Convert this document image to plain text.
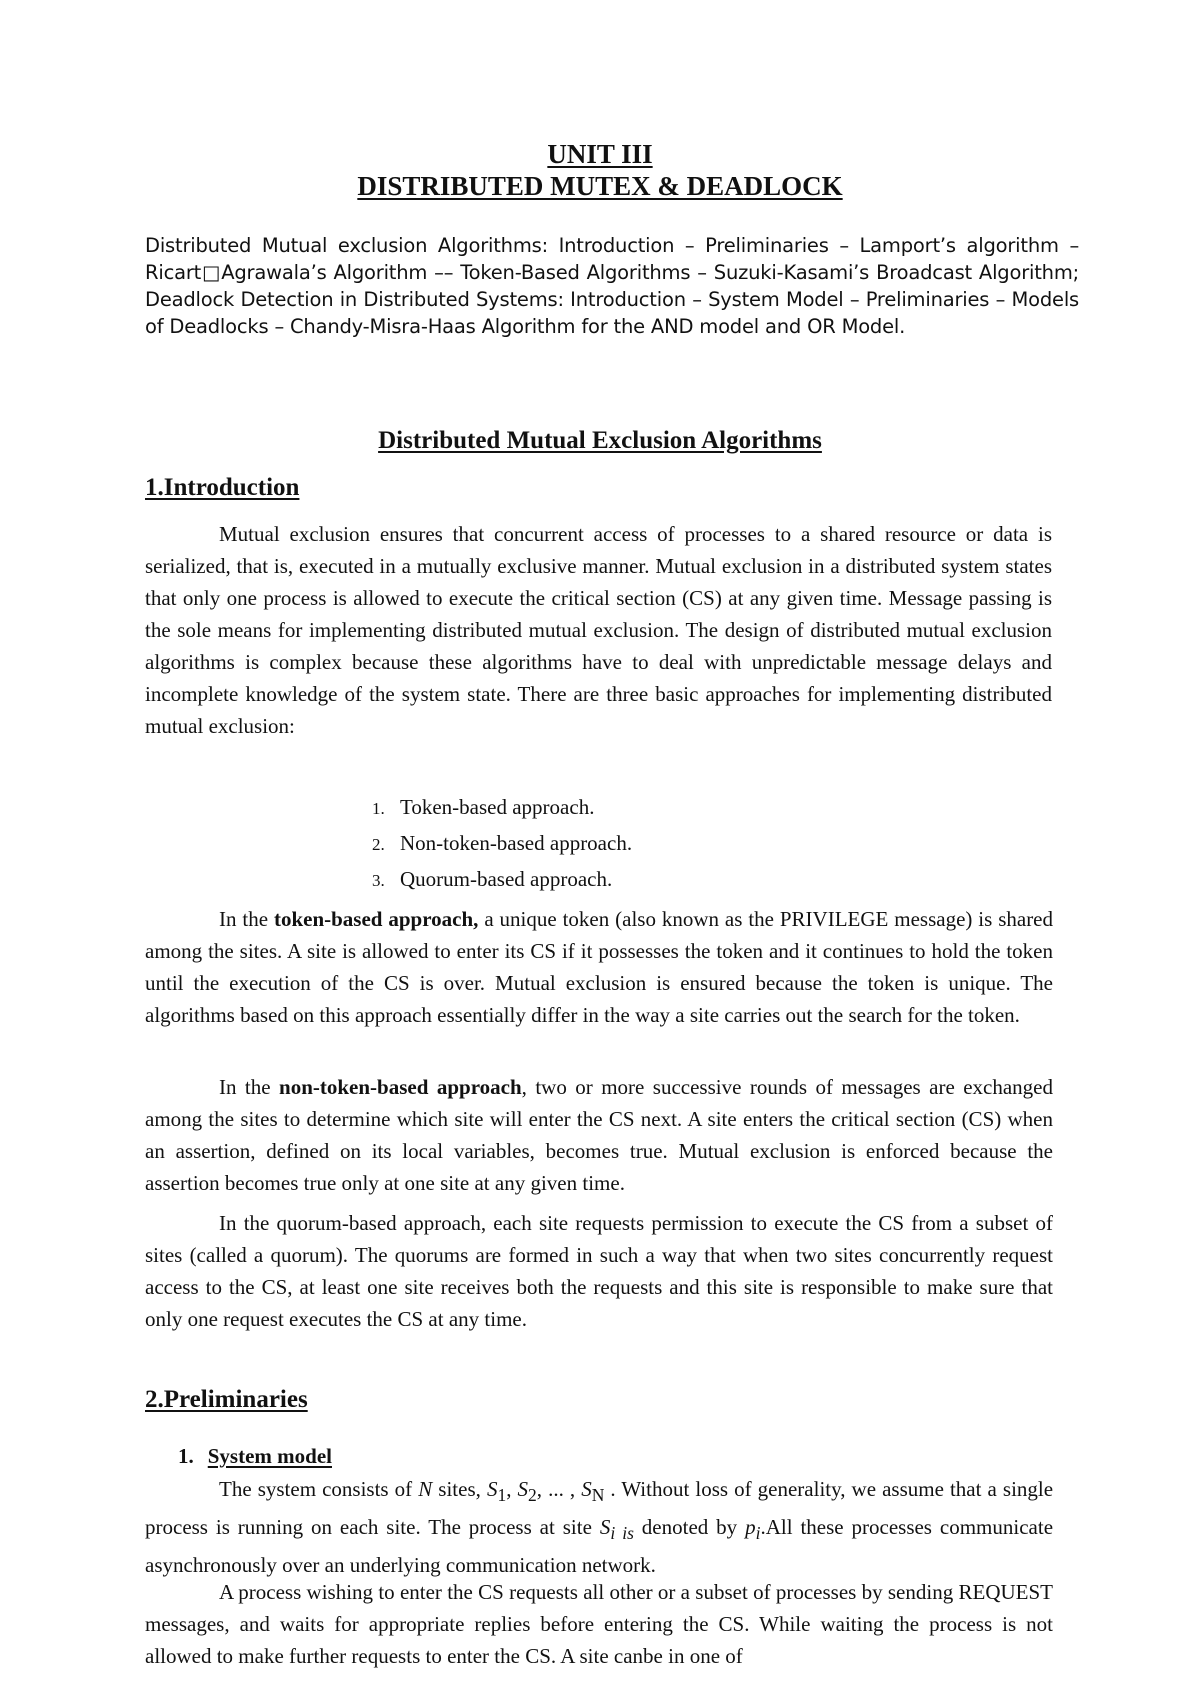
UNIT III
DISTRIBUTED MUTEX & DEADLOCK

Distributed Mutual exclusion Algorithms: Introduction – Preliminaries – Lamport’s algorithm – Ricart□Agrawala’s Algorithm –– Token-Based Algorithms – Suzuki-Kasami’s Broadcast Algorithm; Deadlock Detection in Distributed Systems: Introduction – System Model – Preliminaries – Models of Deadlocks – Chandy-Misra-Haas Algorithm for the AND model and OR Model.

Distributed Mutual Exclusion Algorithms
1.Introduction

Mutual exclusion ensures that concurrent access of processes to a shared resource or data is serialized, that is, executed in a mutually exclusive manner. Mutual exclusion in a distributed system states that only one process is allowed to execute the critical section (CS) at any given time. Message passing is the sole means for implementing distributed mutual exclusion. The design of distributed mutual exclusion algorithms is complex because these algorithms have to deal with unpredictable message delays and incomplete knowledge of the system state. There are three basic approaches for implementing distributed mutual exclusion:

1. Token-based approach.
2. Non-token-based approach.
3. Quorum-based approach.

In the token-based approach, a unique token (also known as the PRIVILEGE message) is shared among the sites. A site is allowed to enter its CS if it possesses the token and it continues to hold the token until the execution of the CS is over. Mutual exclusion is ensured because the token is unique. The algorithms based on this approach essentially differ in the way a site carries out the search for the token.

In the non-token-based approach, two or more successive rounds of messages are exchanged among the sites to determine which site will enter the CS next. A site enters the critical section (CS) when an assertion, defined on its local variables, becomes true. Mutual exclusion is enforced because the assertion becomes true only at one site at any given time.

In the quorum-based approach, each site requests permission to execute the CS from a subset of sites (called a quorum). The quorums are formed in such a way that when two sites concurrently request access to the CS, at least one site receives both the requests and this site is responsible to make sure that only one request executes the CS at any time.

2.Preliminaries
1. System model

The system consists of N sites, $S_1$, $S_2$, ... , $S_N$ . Without loss of generality, we assume that a single process is running on each site. The process at site $S_{i is}$ denoted by $p_i.All$ these processes communicate asynchronously over an underlying communication network.

A process wishing to enter the CS requests all other or a subset of processes by sending REQUEST messages, and waits for appropriate replies before entering the CS. While waiting the process is not allowed to make further requests to enter the CS. A site canbe in one of
